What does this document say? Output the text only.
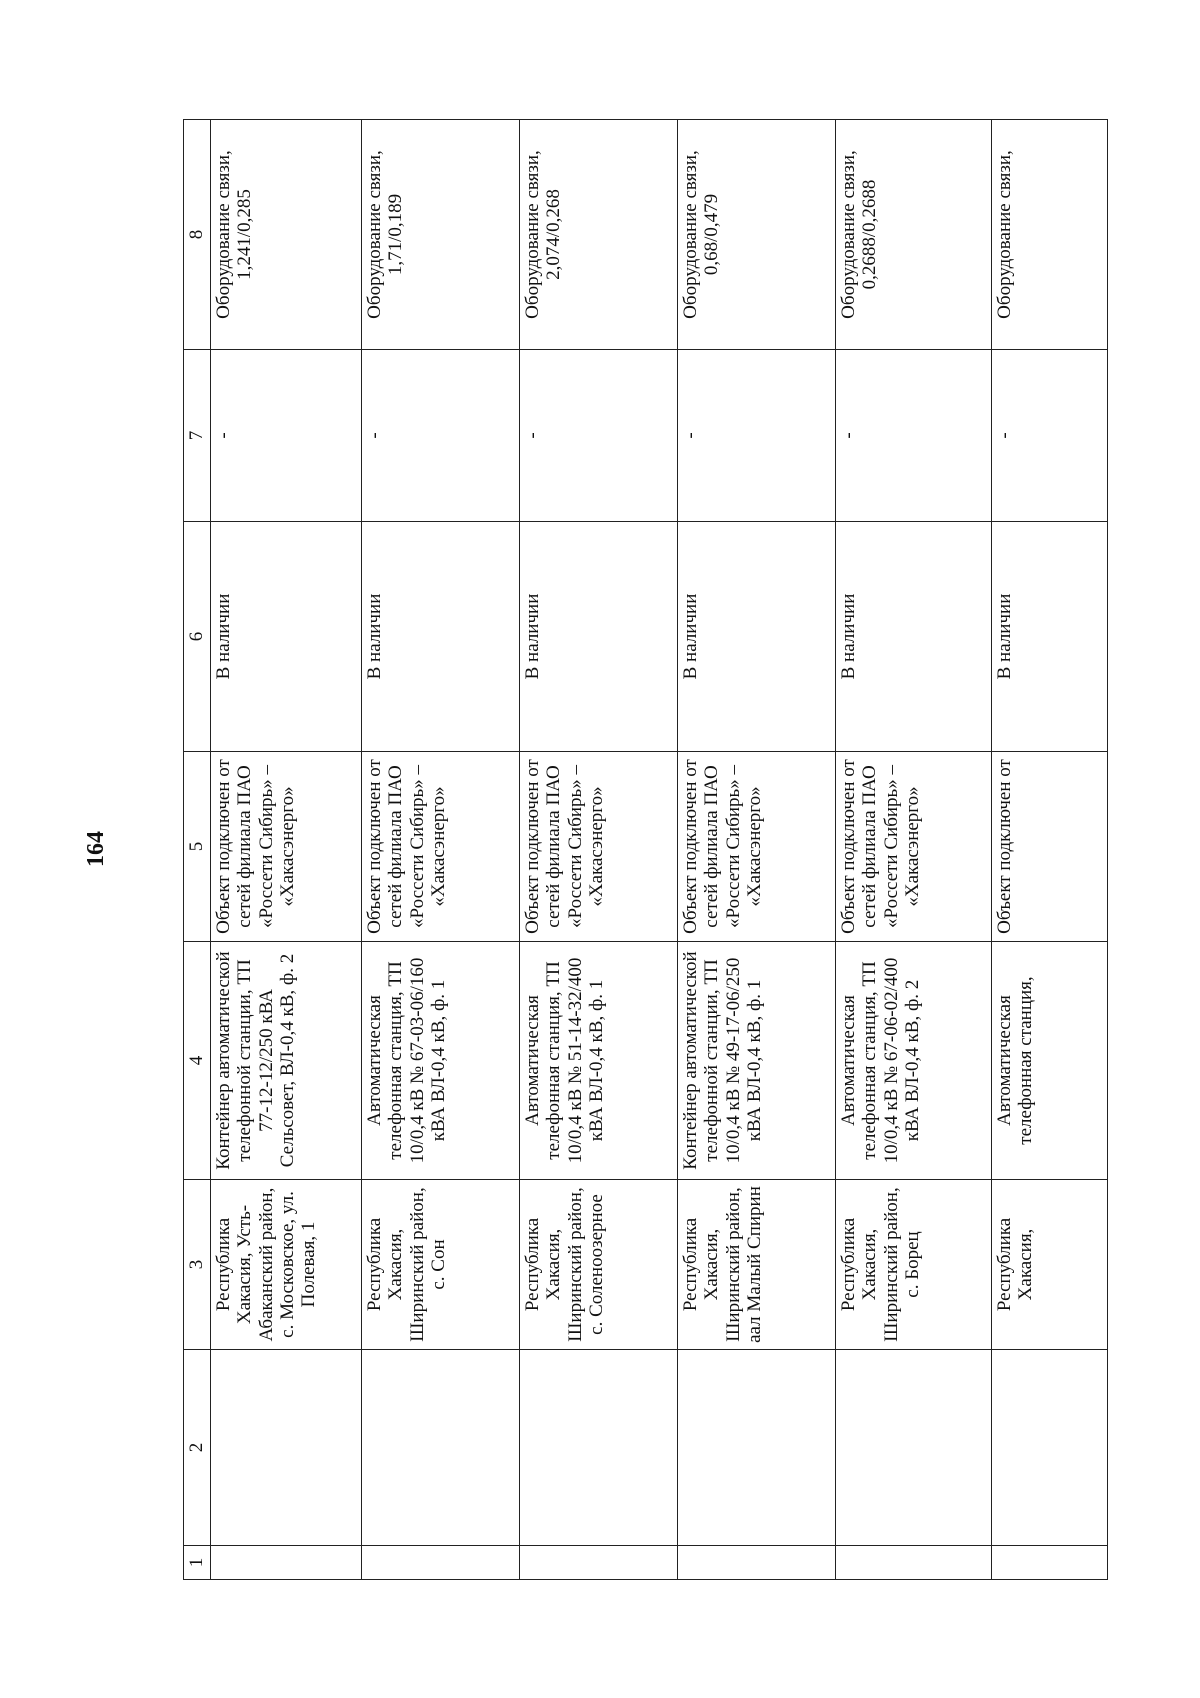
164
1	2	3	4	5	6	7	8
		Республика Хакасия, Усть-Абаканский район, с. Московское, ул. Полевая, 1	Контейнер автоматической телефонной станции, ТП 77-12-12/250 кВА Сельсовет, ВЛ-0,4 кВ, ф. 2	Объект подключен от сетей филиала ПАО «Россети Сибирь» – «Хакасэнерго»	В наличии	-	Оборудование связи, 1,241/0,285
		Республика Хакасия, Ширинский район, с. Сон	Автоматическая телефонная станция, ТП 10/0,4 кВ № 67-03-06/160 кВА ВЛ-0,4 кВ, ф. 1	Объект подключен от сетей филиала ПАО «Россети Сибирь» – «Хакасэнерго»	В наличии	-	Оборудование связи, 1,71/0,189
		Республика Хакасия, Ширинский район, с. Соленоозерное	Автоматическая телефонная станция, ТП 10/0,4 кВ № 51-14-32/400 кВА ВЛ-0,4 кВ, ф. 1	Объект подключен от сетей филиала ПАО «Россети Сибирь» – «Хакасэнерго»	В наличии	-	Оборудование связи, 2,074/0,268
		Республика Хакасия, Ширинский район, аал Малый Спирин	Контейнер автоматической телефонной станции, ТП 10/0,4 кВ № 49-17-06/250 кВА ВЛ-0,4 кВ, ф. 1	Объект подключен от сетей филиала ПАО «Россети Сибирь» – «Хакасэнерго»	В наличии	-	Оборудование связи, 0,68/0,479
		Республика Хакасия, Ширинский район, с. Борец	Автоматическая телефонная станция, ТП 10/0,4 кВ № 67-06-02/400 кВА ВЛ-0,4 кВ, ф. 2	Объект подключен от сетей филиала ПАО «Россети Сибирь» – «Хакасэнерго»	В наличии	-	Оборудование связи, 0,2688/0,2688
		Республика Хакасия,	Автоматическая телефонная станция,	Объект подключен от	В наличии	-	Оборудование связи,
